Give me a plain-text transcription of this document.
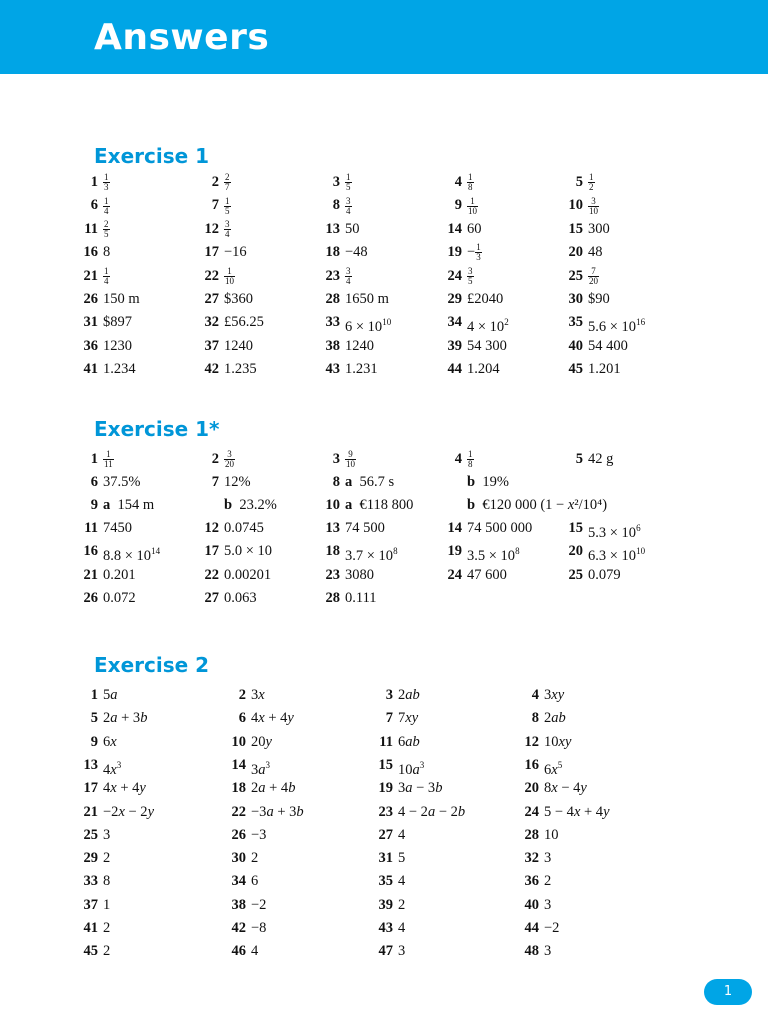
Answers
Exercise 1
$1 \frac{1}{3}$	$2 \frac{2}{7}$	$3 \frac{1}{5}$	$4 \frac{1}{8}$	$5 \frac{1}{2}$
$6 \frac{1}{4}$	$7 \frac{1}{5}$	$8 \frac{3}{4}$	$9 \frac{1}{10}$	$10 \frac{3}{10}$
$11 \frac{2}{5}$	$12 \frac{3}{4}$	13 50	14 60	15 300
16 8	17 −16	18 −48	$19 - \frac{1}{3}$	20 48
$21 \frac{1}{4}$	$22 \frac{1}{10}$	$23 \frac{3}{4}$	$24 \frac{3}{5}$	$25 \frac{7}{20}$
26 150 m	27 $360	28 1650 m	29 £2040	30 $90
31 $897	32 £56.25	33 $6 \times 10^{10}$	34 $4 \times 10^2$	35 $5.6 \times 10^{16}$
36 1230	37 1240	38 1240	39 54 300	40 54 400
41 1.234	42 1.235	43 1.231	44 1.204	45 1.201
Exercise 1*
$1 \frac{1}{11}$	$2 \frac{3}{20}$	$3 \frac{9}{10}$	$4 \frac{1}{8}$	5 42 g
6 37.5%	7 12%	8 a  56.7 s	b  19%
9 a  154 m	b  23.2%	10 a  €118 800	b  €120 000 (1 − x²/10⁴)
11 7450	12 0.0745	13 74 500	14 74 500 000	15 $5.3 \times 10^6$
16 $8.8 \times 10^{14}$	17 5.0 × 10	18 $3.7 \times 10^8$	19 $3.5 \times 10^8$	20 $6.3 \times 10^{10}$
21 0.201	22 0.00201	23 3080	24 47 600	25 0.079
26 0.072	27 0.063	28 0.111
Exercise 2
1 5a	2 3x	3 2ab	4 3xy
5 2a + 3b	6 4x + 4y	7 7xy	8 2ab
9 6x	10 20y	11 6ab	12 10xy
13 $4x^3$	14 $3a^3$	15 $10a^3$	16 $6x^5$
17 4x + 4y	18 2a + 4b	19 3a − 3b	20 8x − 4y
21 −2x − 2y	22 −3a + 3b	23 4 − 2a − 2b	24 5 − 4x + 4y
25 3	26 −3	27 4	28 10
29 2	30 2	31 5	32 3
33 8	34 6	35 4	36 2
37 1	38 −2	39 2	40 3
41 2	42 −8	43 4	44 −2
45 2	46 4	47 3	48 3
1
